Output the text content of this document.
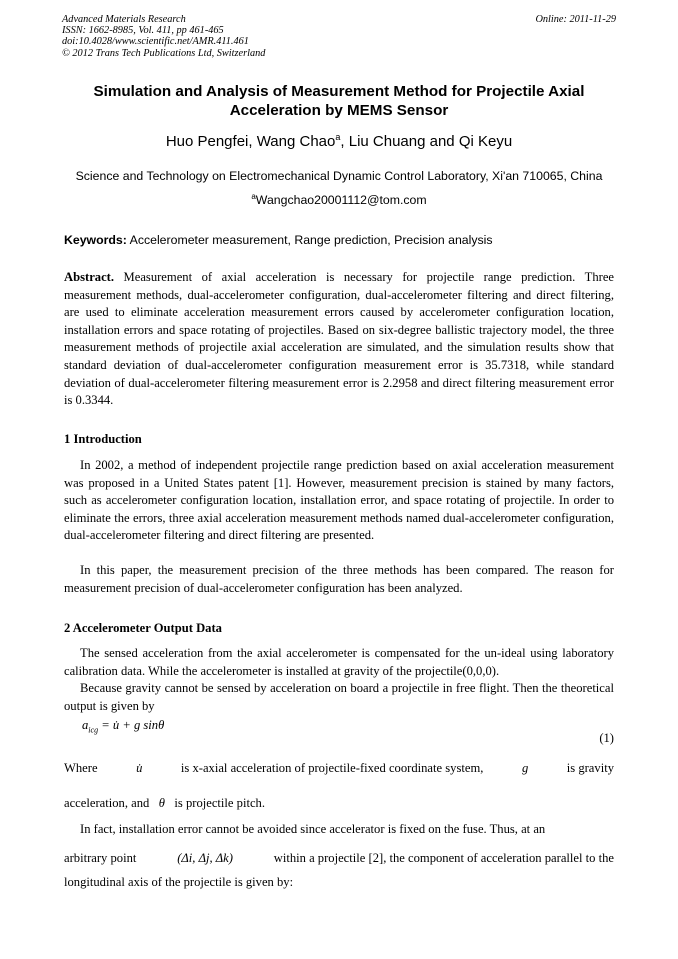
Advanced Materials Research
ISSN: 1662-8985, Vol. 411, pp 461-465
doi:10.4028/www.scientific.net/AMR.411.461
© 2012 Trans Tech Publications Ltd, Switzerland
Online: 2011-11-29
Simulation and Analysis of Measurement Method for Projectile Axial Acceleration by MEMS Sensor
Huo Pengfei, Wang Chao$^a$, Liu Chuang and Qi Keyu
Science and Technology on Electromechanical Dynamic Control Laboratory, Xi'an 710065, China
$^a$Wangchao20001112@tom.com
Keywords: Accelerometer measurement, Range prediction, Precision analysis
Abstract. Measurement of axial acceleration is necessary for projectile range prediction. Three measurement methods, dual-accelerometer configuration, dual-accelerometer filtering and direct filtering, are used to eliminate acceleration measurement errors caused by accelerometer configuration location, installation errors and space rotating of projectiles. Based on six-degree ballistic trajectory model, the three measurement methods of projectile axial acceleration are simulated, and the simulation results show that standard deviation of dual-accelerometer configuration measurement error is 35.7318, while standard deviation of dual-accelerometer filtering measurement error is 2.2958 and direct filtering measurement error is 0.3344.
1 Introduction
In 2002, a method of independent projectile range prediction based on axial acceleration measurement was proposed in a United States patent [1]. However, measurement precision is stained by many factors, such as accelerometer configuration location, installation error, and space rotating of projectile. In order to eliminate the errors, three axial acceleration measurement methods named dual-accelerometer configuration, dual-accelerometer filtering and direct filtering are presented.
In this paper, the measurement precision of the three methods has been compared. The reason for measurement precision of dual-accelerometer configuration has been analyzed.
2 Accelerometer Output Data
The sensed acceleration from the axial accelerometer is compensated for the un-ideal using laboratory calibration data. While the accelerometer is installed at gravity of the projectile(0,0,0).
Because gravity cannot be sensed by acceleration on board a projectile in free flight. Then the theoretical output is given by
$a_{icg}$ = u̇ + g sinθ
(1)
Where	u̇	is x-axial acceleration of projectile-fixed coordinate system,	g	is gravity
acceleration, and θ is projectile pitch.
In fact, installation error cannot be avoided since accelerator is fixed on the fuse. Thus, at an
arbitrary point	(Δi, Δj, Δk)	within a projectile [2], the component of acceleration parallel to the
longitudinal axis of the projectile is given by:
